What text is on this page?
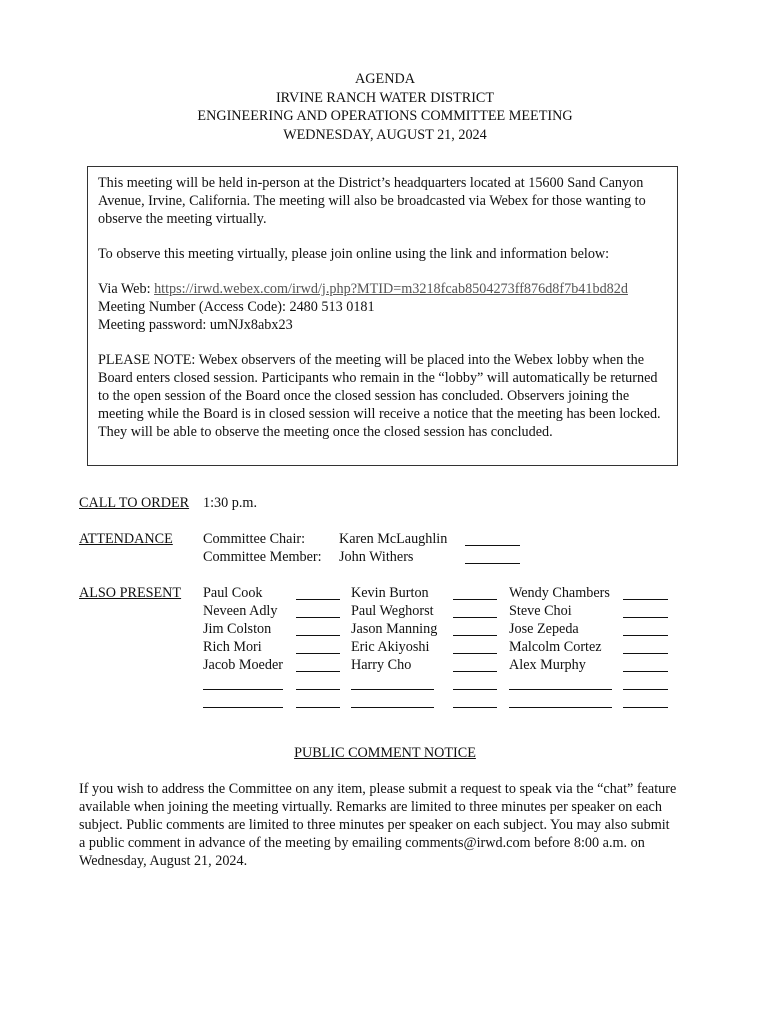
AGENDA
IRVINE RANCH WATER DISTRICT
ENGINEERING AND OPERATIONS COMMITTEE MEETING
WEDNESDAY, AUGUST 21, 2024

This meeting will be held in-person at the District’s headquarters located at 15600 Sand Canyon Avenue, Irvine, California. The meeting will also be broadcasted via Webex for those wanting to observe the meeting virtually.

To observe this meeting virtually, please join online using the link and information below:

Via Web: https://irwd.webex.com/irwd/j.php?MTID=m3218fcab8504273ff876d8f7b41bd82d

Meeting Number (Access Code): 2480 513 0181

Meeting password: umNJx8abx23

PLEASE NOTE: Webex observers of the meeting will be placed into the Webex lobby when the Board enters closed session. Participants who remain in the “lobby” will automatically be returned to the open session of the Board once the closed session has concluded. Observers joining the meeting while the Board is in closed session will receive a notice that the meeting has been locked. They will be able to observe the meeting once the closed session has concluded.

CALL TO ORDER 1:30 p.m.
ATTENDANCE Committee Chair: Karen McLaughlin
Committee Member: John Withers
ALSO PRESENT Paul Cook
Neveen Adly
Jim Colston
Rich Mori
Jacob Moeder
Kevin Burton
Paul Weghorst
Jason Manning
Eric Akiyoshi
Harry Cho
Wendy Chambers
Steve Choi
Jose Zepeda
Malcolm Cortez
Alex Murphy
PUBLIC COMMENT NOTICE
If you wish to address the Committee on any item, please submit a request to speak via the “chat” feature available when joining the meeting virtually. Remarks are limited to three minutes per speaker on each subject. Public comments are limited to three minutes per speaker on each subject. You may also submit a public comment in advance of the meeting by emailing comments@irwd.com before 8:00 a.m. on Wednesday, August 21, 2024.
